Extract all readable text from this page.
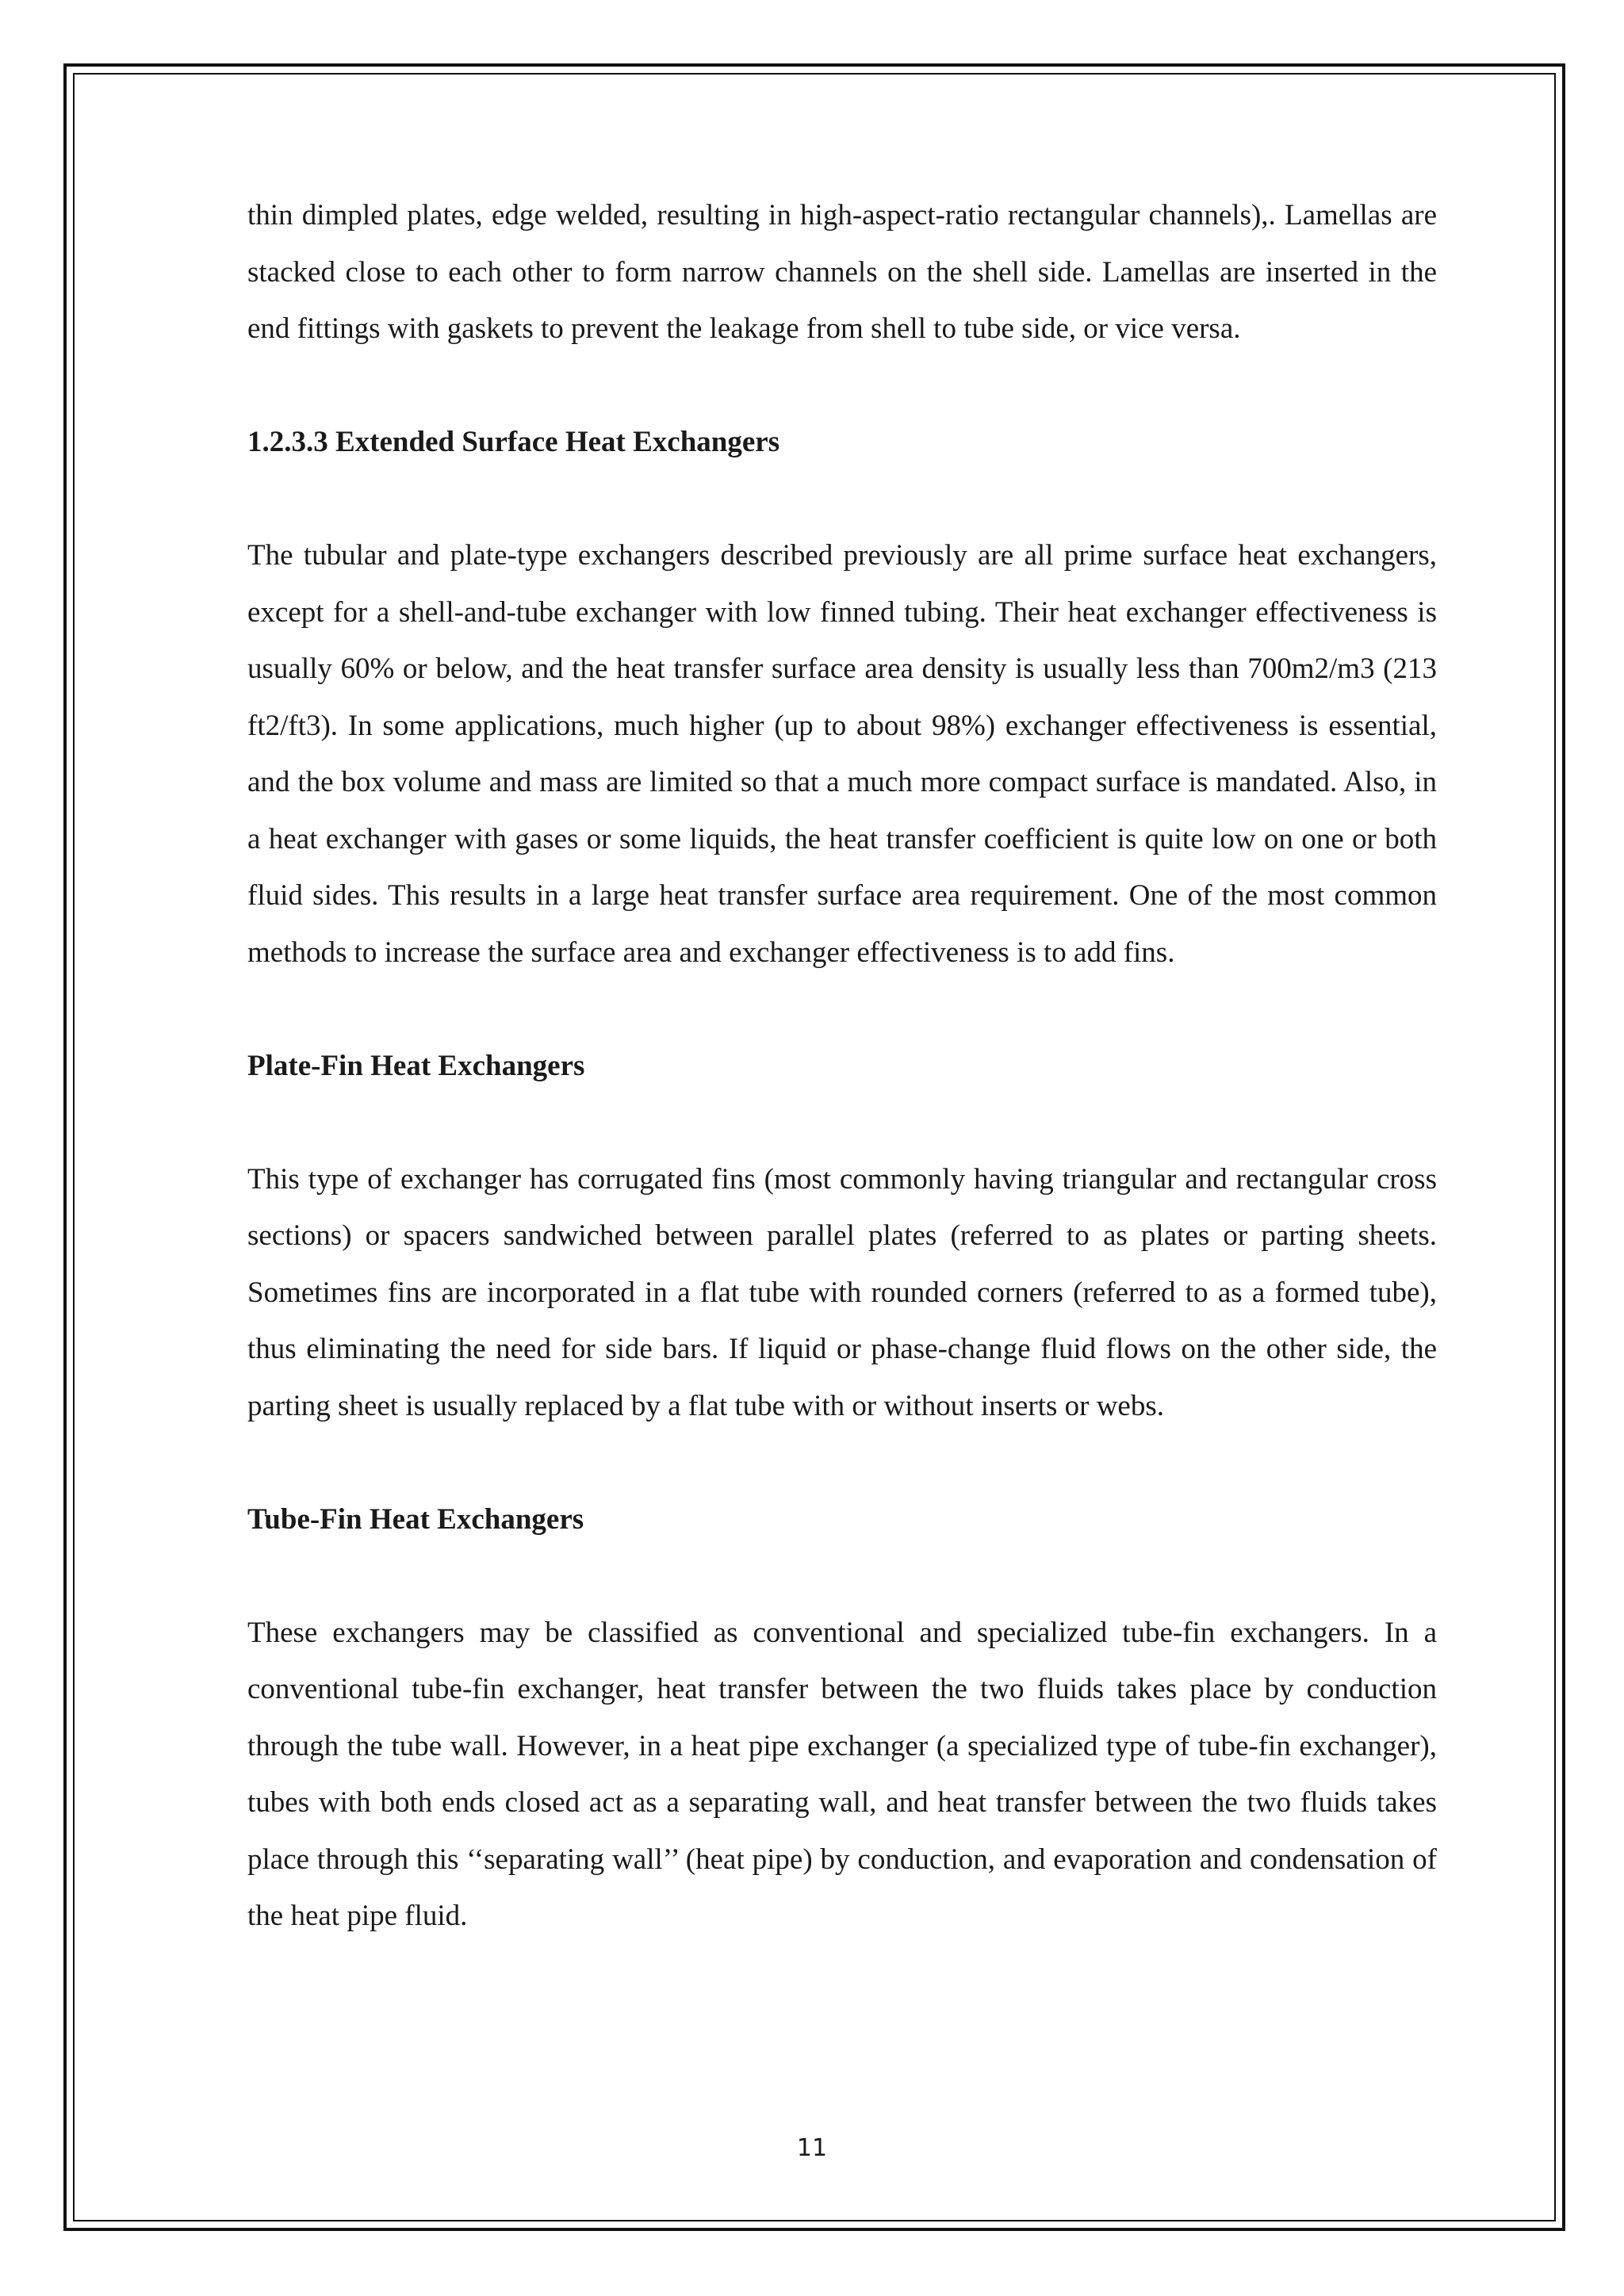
thin dimpled plates, edge welded, resulting in high-aspect-ratio rectangular channels),. Lamellas are stacked close to each other to form narrow channels on the shell side. Lamellas are inserted in the end fittings with gaskets to prevent the leakage from shell to tube side, or vice versa.

1.2.3.3 Extended Surface Heat Exchangers

The tubular and plate-type exchangers described previously are all prime surface heat exchangers, except for a shell-and-tube exchanger with low finned tubing. Their heat exchanger effectiveness is usually 60% or below, and the heat transfer surface area density is usually less than 700m2/m3 (213 ft2/ft3). In some applications, much higher (up to about 98%) exchanger effectiveness is essential, and the box volume and mass are limited so that a much more compact surface is mandated. Also, in a heat exchanger with gases or some liquids, the heat transfer coefficient is quite low on one or both fluid sides. This results in a large heat transfer surface area requirement. One of the most common methods to increase the surface area and exchanger effectiveness is to add fins.

Plate-Fin Heat Exchangers

This type of exchanger has corrugated fins (most commonly having triangular and rectangular cross sections) or spacers sandwiched between parallel plates (referred to as plates or parting sheets. Sometimes fins are incorporated in a flat tube with rounded corners (referred to as a formed tube), thus eliminating the need for side bars. If liquid or phase-change fluid flows on the other side, the parting sheet is usually replaced by a flat tube with or without inserts or webs.

Tube-Fin Heat Exchangers

These exchangers may be classified as conventional and specialized tube-fin exchangers. In a conventional tube-fin exchanger, heat transfer between the two fluids takes place by conduction through the tube wall. However, in a heat pipe exchanger (a specialized type of tube-fin exchanger), tubes with both ends closed act as a separating wall, and heat transfer between the two fluids takes place through this ‘‘separating wall’’ (heat pipe) by conduction, and evaporation and condensation of the heat pipe fluid.

11
